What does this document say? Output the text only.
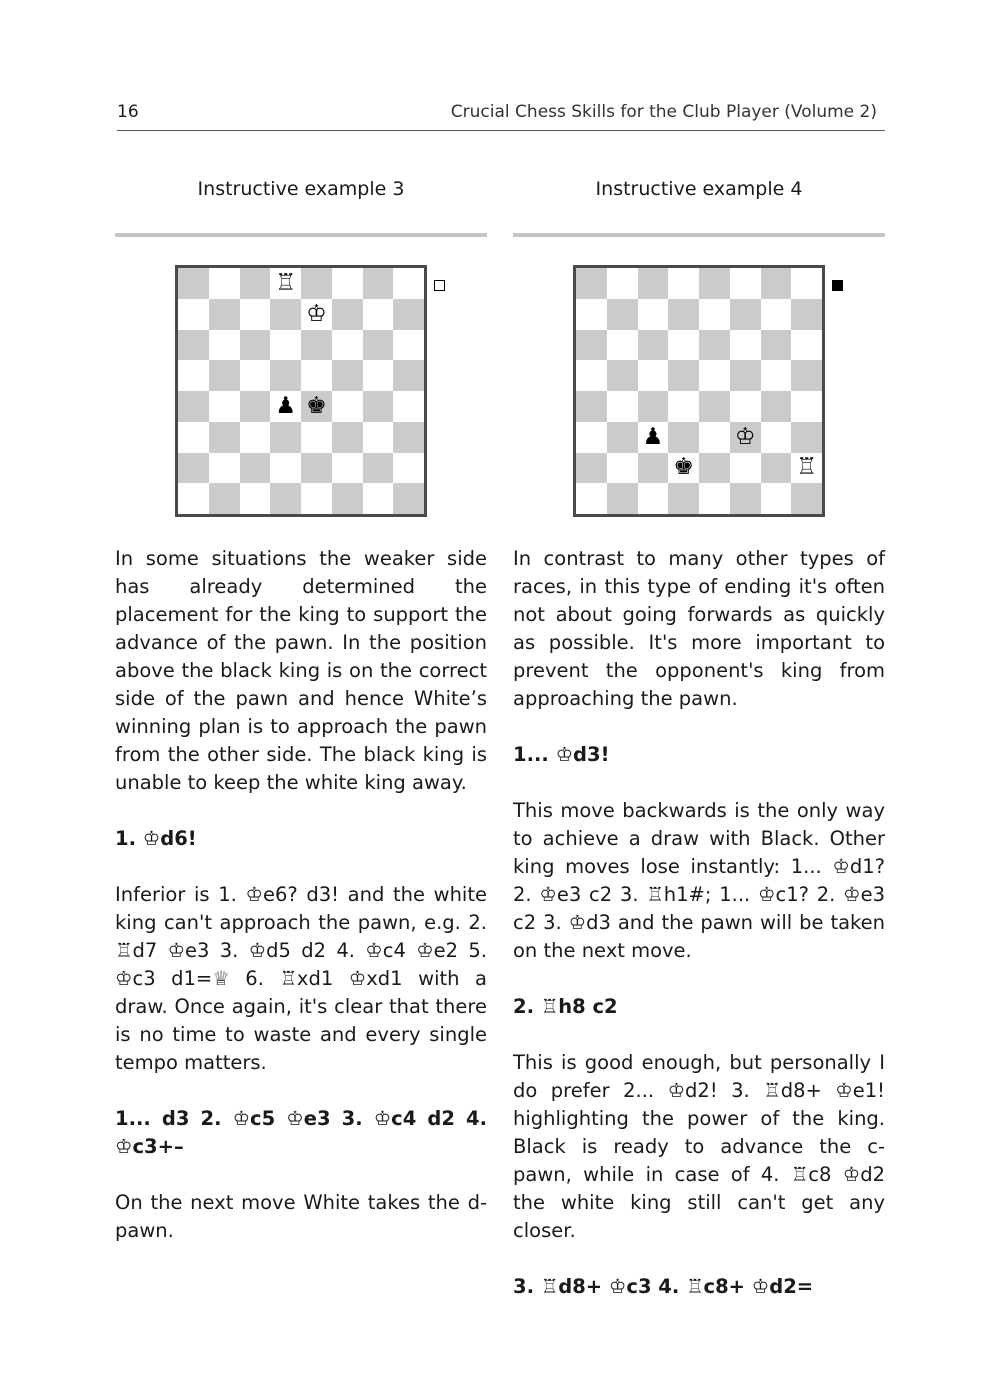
16	Crucial Chess Skills for the Club Player (Volume 2)
Instructive example 3
♖
♔
♟ ♚

In some situations the weaker side has already determined the placement for the king to support the advance of the pawn. In the position above the black king is on the correct side of the pawn and hence White’s winning plan is to approach the pawn from the other side. The black king is unable to keep the white king away.

1. ♔d6!

Inferior is 1. ♔e6? d3! and the white king can't approach the pawn, e.g. 2. ♖d7 ♔e3 3. ♔d5 d2 4. ♔c4 ♔e2 5. ♔c3 d1=♕ 6. ♖xd1 ♔xd1 with a draw. Once again, it's clear that there is no time to waste and every single tempo matters.

1... d3 2. ♔c5 ♔e3 3. ♔c4 d2 4. ♔c3+–

On the next move White takes the d-pawn.

Instructive example 4
♟	♔
♚	♖

In contrast to many other types of races, in this type of ending it's often not about going forwards as quickly as possible. It's more important to prevent the opponent's king from approaching the pawn.

1... ♔d3!

This move backwards is the only way to achieve a draw with Black. Other king moves lose instantly: 1... ♔d1? 2. ♔e3 c2 3. ♖h1#; 1... ♔c1? 2. ♔e3 c2 3. ♔d3 and the pawn will be taken on the next move.

2. ♖h8 c2

This is good enough, but personally I do prefer 2... ♔d2! 3. ♖d8+ ♔e1! highlighting the power of the king. Black is ready to advance the c-pawn, while in case of 4. ♖c8 ♔d2 the white king still can't get any closer.

3. ♖d8+ ♔c3 4. ♖c8+ ♔d2=
